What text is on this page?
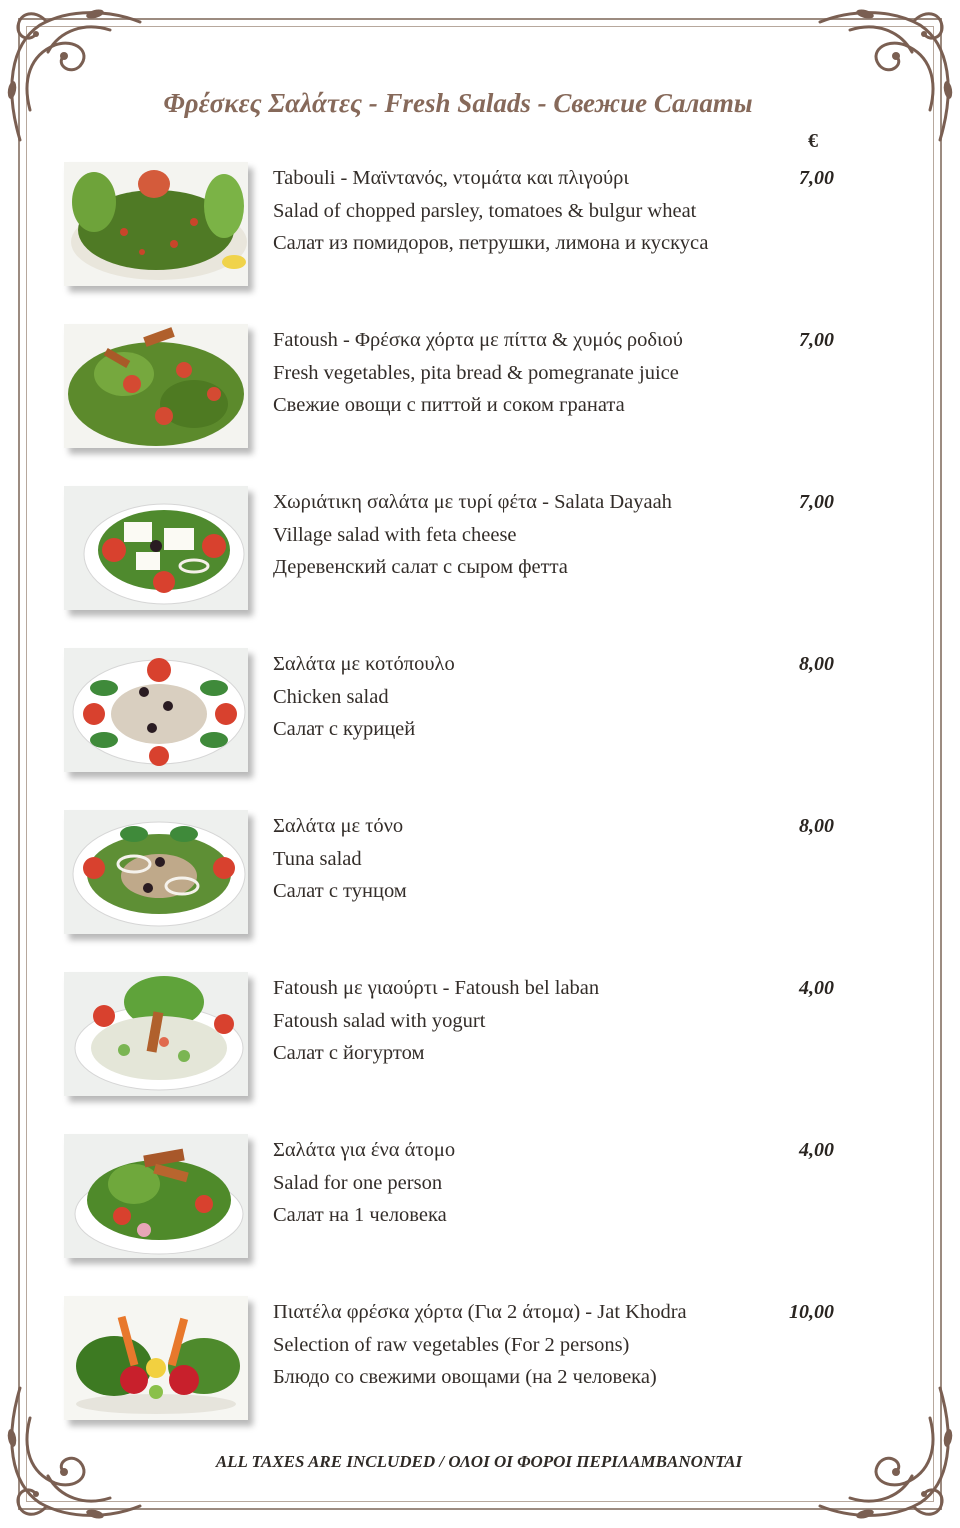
Φρέσκες Σαλάτες - Fresh Salads - Свежие Салаты
€
Tabouli - Μαϊντανός, ντομάτα και πλιγούρι
Salad of chopped parsley, tomatoes & bulgur wheat
Салат из помидоров, петрушки, лимона и кускуса
7,00
Fatoush - Φρέσκα χόρτα με πίττα & χυμός ροδιού
Fresh vegetables, pita bread & pomegranate juice
Свежие овощи с питтой и соком граната
7,00
Χωριάτικη σαλάτα με τυρί φέτα - Salata Dayaah
Village salad with feta cheese
Деревенский салат с сыром фетта
7,00
Σαλάτα με κοτόπουλο
Chicken salad
Салат с курицей
8,00
Σαλάτα με τόνο
Tuna salad
Салат с тунцом
8,00
Fatoush με γιαούρτι - Fatoush bel laban
Fatoush salad with yogurt
Салат с йогуртом
4,00
Σαλάτα για ένα άτομο
Salad for one person
Салат на 1 человека
4,00
Πιατέλα φρέσκα χόρτα (Για 2 άτομα) - Jat Khodra
Selection of raw vegetables (For 2 persons)
Блюдо со свежими овощами (на 2 человека)
10,00
ALL TAXES ARE INCLUDED / ΟΛΟΙ ΟΙ ΦΟΡΟΙ ΠΕΡΙΛΑΜΒΑΝΟΝΤΑΙ
